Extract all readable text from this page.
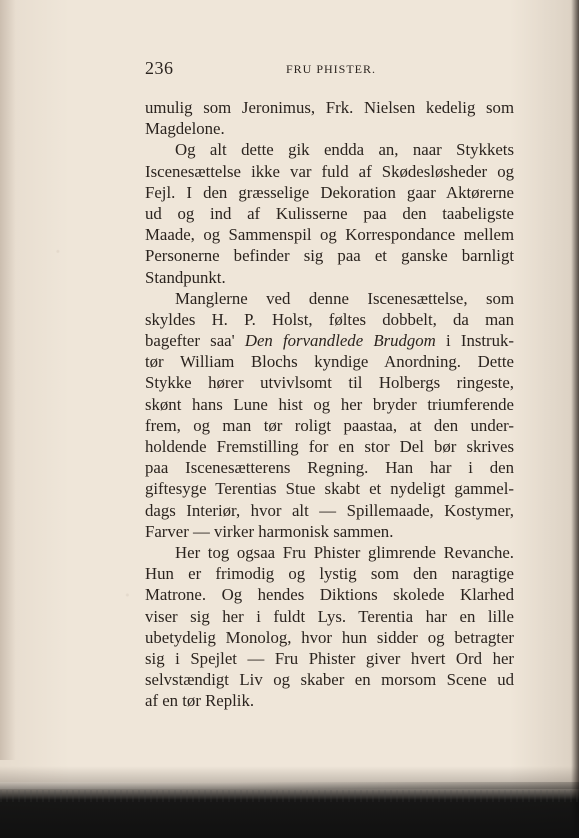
236	FRU PHISTER.
umulig som Jeronimus, Frk. Nielsen kedelig som
Magdelone.
Og alt dette gik endda an, naar Stykkets
Iscenesættelse ikke var fuld af Skødesløsheder og
Fejl. I den græsselige Dekoration gaar Aktørerne
ud og ind af Kulisserne paa den taabeligste
Maade, og Sammenspil og Korrespondance mellem
Personerne befinder sig paa et ganske barnligt
Standpunkt.
Manglerne ved denne Iscenesættelse, som
skyldes H. P. Holst, føltes dobbelt, da man
bagefter saa' Den forvandlede Brudgom i Instruk-
tør William Blochs kyndige Anordning. Dette
Stykke hører utvivlsomt til Holbergs ringeste,
skønt hans Lune hist og her bryder triumferende
frem, og man tør roligt paastaa, at den under-
holdende Fremstilling for en stor Del bør skrives
paa Iscenesætterens Regning. Han har i den
giftesyge Terentias Stue skabt et nydeligt gammel-
dags Interiør, hvor alt — Spillemaade, Kostymer,
Farver — virker harmonisk sammen.
Her tog ogsaa Fru Phister glimrende Revanche.
Hun er frimodig og lystig som den naragtige
Matrone. Og hendes Diktions skolede Klarhed
viser sig her i fuldt Lys. Terentia har en lille
ubetydelig Monolog, hvor hun sidder og betragter
sig i Spejlet — Fru Phister giver hvert Ord her
selvstændigt Liv og skaber en morsom Scene ud
af en tør Replik.
